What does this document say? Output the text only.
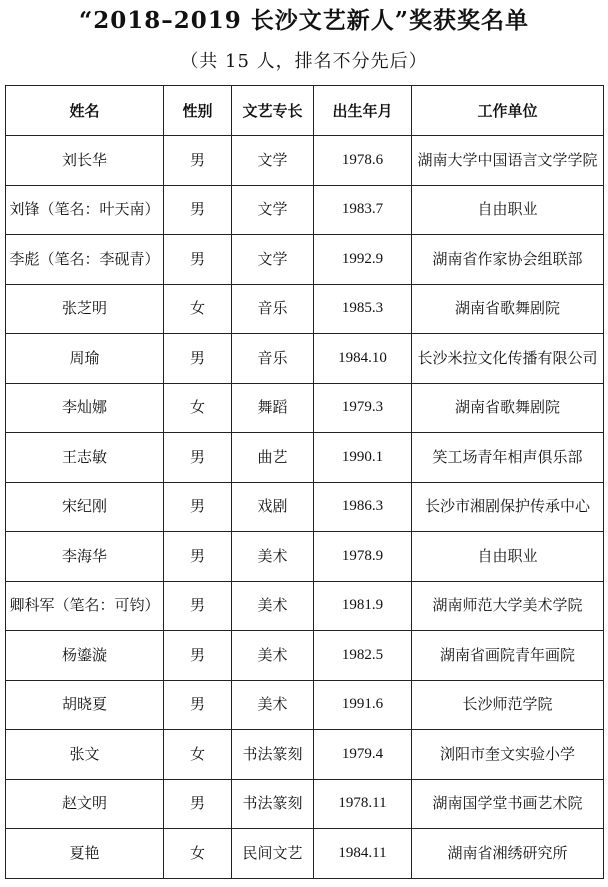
“2018–2019 长沙文艺新人”奖获奖名单
（共 15 人，排名不分先后）
姓名	性别	文艺专长	出生年月	工作单位
刘长华	男	文学	1978.6	湖南大学中国语言文学学院
刘锋（笔名：叶天南）	男	文学	1983.7	自由职业
李彪（笔名：李砚青）	男	文学	1992.9	湖南省作家协会组联部
张芝明	女	音乐	1985.3	湖南省歌舞剧院
周瑜	男	音乐	1984.10	长沙米拉文化传播有限公司
李灿娜	女	舞蹈	1979.3	湖南省歌舞剧院
王志敏	男	曲艺	1990.1	笑工场青年相声俱乐部
宋纪刚	男	戏剧	1986.3	长沙市湘剧保护传承中心
李海华	男	美术	1978.9	自由职业
卿科军（笔名：可钧）	男	美术	1981.9	湖南师范大学美术学院
杨鎏漩	男	美术	1982.5	湖南省画院青年画院
胡晓夏	男	美术	1991.6	长沙师范学院
张文	女	书法篆刻	1979.4	浏阳市奎文实验小学
赵文明	男	书法篆刻	1978.11	湖南国学堂书画艺术院
夏艳	女	民间文艺	1984.11	湖南省湘绣研究所
